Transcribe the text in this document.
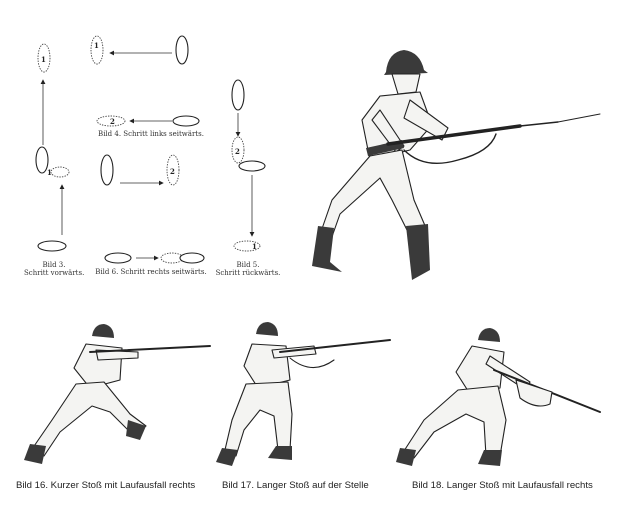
1
1
1
2
2
2
1
Bild 3.
Schritt vorwärts.
Bild 4. Schritt links seitwärts.
Bild 6. Schritt rechts seitwärts.
Bild 5.
Schritt rückwärts.
Bild 16. Kurzer Stoß mit Laufausfall rechts	Bild 17. Langer Stoß auf der Stelle	Bild 18. Langer Stoß mit Laufausfall rechts
